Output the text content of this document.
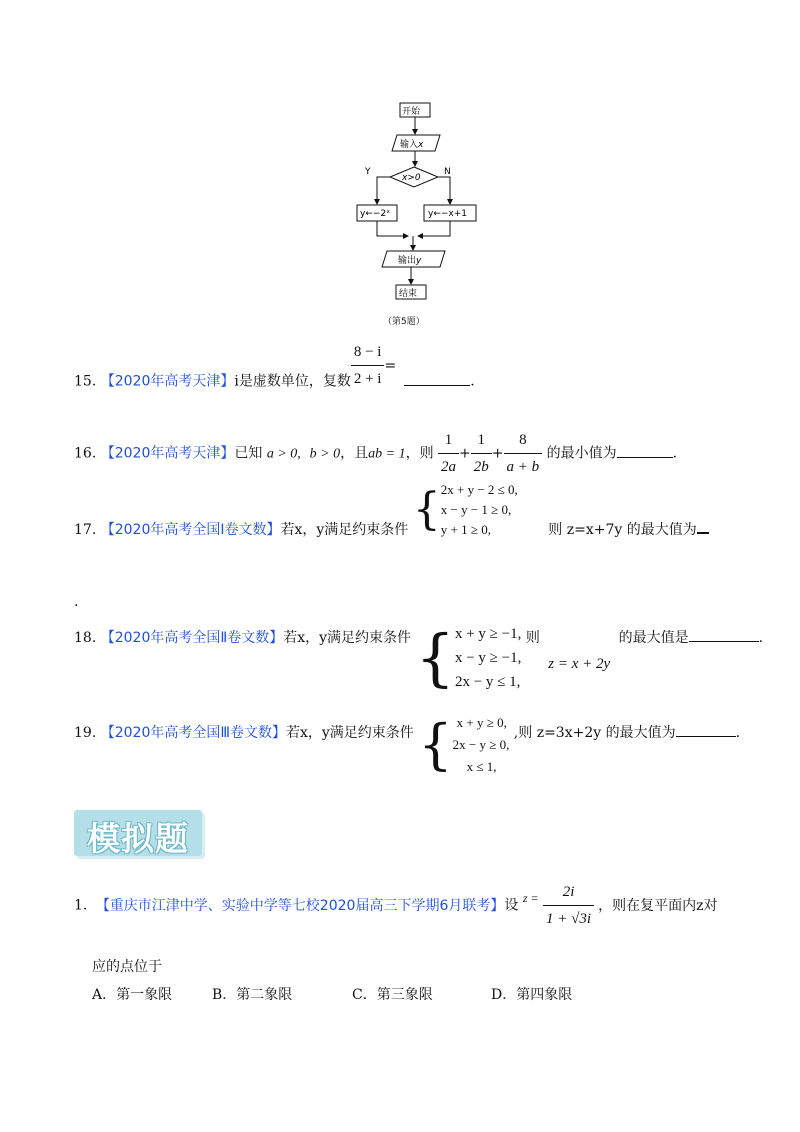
开始
输入x
x>0
Y	N
y←−2ˣ	y←−x+1
输出y
结束
（第5题）
15. 【2020年高考天津】i是虚数单位，复数 $\frac{8 - i}{2 + i}$ =.
16. 【2020年高考天津】已知 a > 0, b > 0，且ab = 1，则 $\frac{1}{2a} + \frac{1}{2b} + \frac{8}{a + b}$ 的最小值为	.
17. 【2020年高考全国Ⅰ卷文数】若x，y满足约束条件 { 2x + y − 2 ≤ 0,
x − y − 1 ≥ 0,
y + 1 ≥ 0,	则 z=x+7y 的最大值为
.
18. 【2020年高考全国Ⅱ卷文数】若x，y满足约束条件 { x + y ≥ −1,
x − y ≥ −1,
2x − y ≤ 1,
则 z = x + 2y 的最大值是	.
19. 【2020年高考全国Ⅲ卷文数】若x，y满足约束条件 { x + y ≥ 0,
2x − y ≥ 0,
x ≤ 1,
,则 z=3x+2y 的最大值为	.
模拟题
1. 【重庆市江津中学、实验中学等七校2020届高三下学期6月联考】设 $z = \frac{2i}{1 + √3i}$ ，则在复平面内z对
应的点位于
A．第一象限	B．第二象限	C．第三象限	D．第四象限
